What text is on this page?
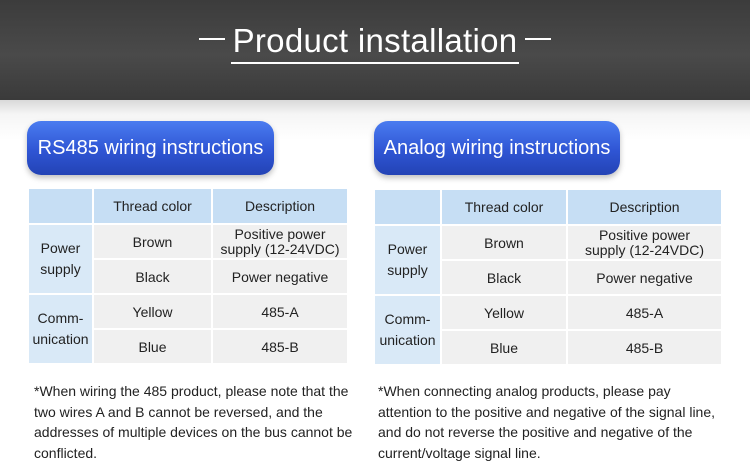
Product installation
RS485 wiring instructions	Analog wiring instructions
	Thread color	Description
Power
supply	Brown	Positive power
supply (12-24VDC)
	Black	Power negative
Comm-
unication	Yellow	485-A
	Blue	485-B
	Thread color	Description
Power
supply	Brown	Positive power
supply (12-24VDC)
	Black	Power negative
Comm-
unication	Yellow	485-A
	Blue	485-B
*When wiring the 485 product, please note that the two wires A and B cannot be reversed, and the addresses of multiple devices on the bus cannot be conflicted.
*When connecting analog products, please pay attention to the positive and negative of the signal line, and do not reverse the positive and negative of the current/voltage signal line.
